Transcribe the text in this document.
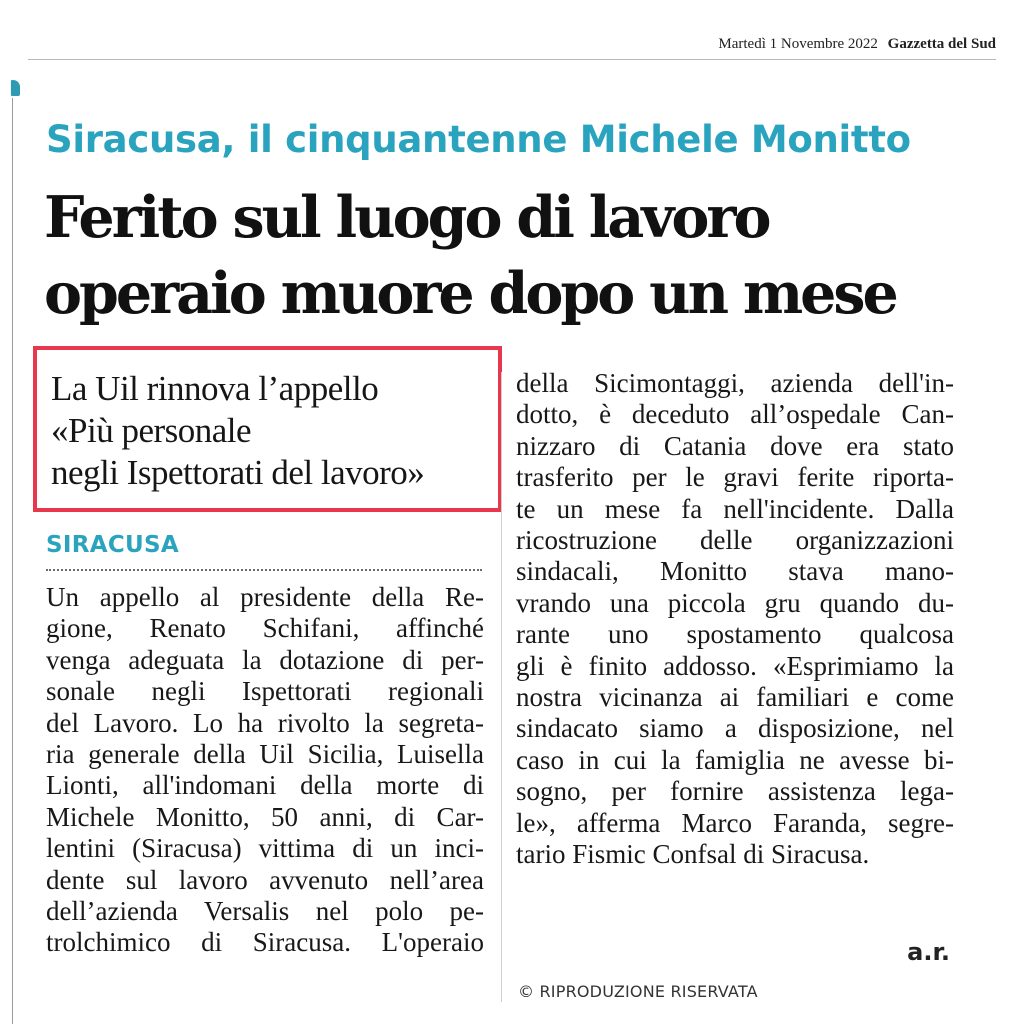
Martedì 1 Novembre 2022 Gazzetta del Sud
Siracusa, il cinquantenne Michele Monitto
Ferito sul luogo di lavoro
operaio muore dopo un mese
La Uil rinnova l’appello
«Più personale
negli Ispettorati del lavoro»
SIRACUSA
Un appello al presidente della Re-
gione, Renato Schifani, affinché
venga adeguata la dotazione di per-
sonale negli Ispettorati regionali
del Lavoro. Lo ha rivolto la segreta-
ria generale della Uil Sicilia, Luisella
Lionti, all'indomani della morte di
Michele Monitto, 50 anni, di Car-
lentini (Siracusa) vittima di un inci-
dente sul lavoro avvenuto nell’area
dell’azienda Versalis nel polo pe-
trolchimico di Siracusa. L'operaio
della Sicimontaggi, azienda dell'in-
dotto, è deceduto all’ospedale Can-
nizzaro di Catania dove era stato
trasferito per le gravi ferite riporta-
te un mese fa nell'incidente. Dalla
ricostruzione delle organizzazioni
sindacali, Monitto stava mano-
vrando una piccola gru quando du-
rante uno spostamento qualcosa
gli è finito addosso. «Esprimiamo la
nostra vicinanza ai familiari e come
sindacato siamo a disposizione, nel
caso in cui la famiglia ne avesse bi-
sogno, per fornire assistenza lega-
le», afferma Marco Faranda, segre-
tario Fismic Confsal di Siracusa.
a.r.
© RIPRODUZIONE RISERVATA
